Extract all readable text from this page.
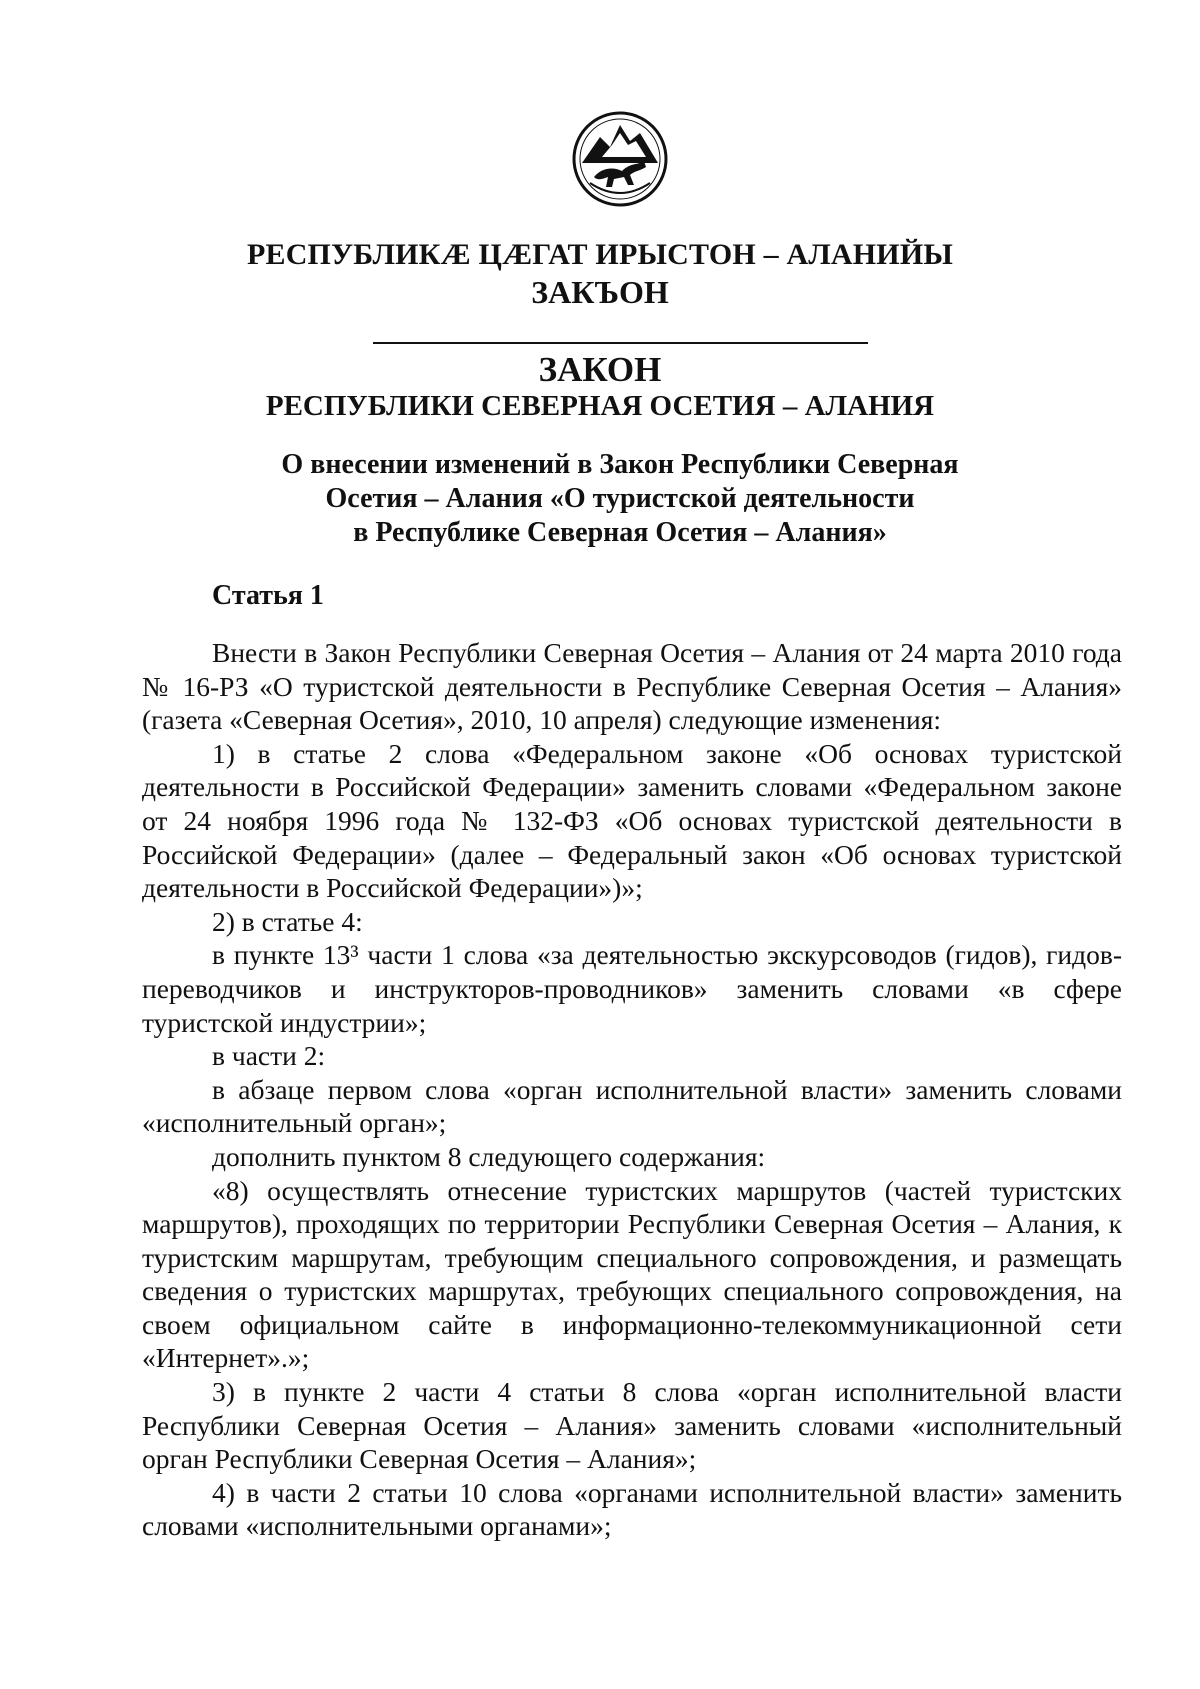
РЕСПУБЛИКÆ ЦÆГАТ ИРЫСТОН – АЛАНИЙЫ
ЗАКЪОН
ЗАКОН
РЕСПУБЛИКИ СЕВЕРНАЯ ОСЕТИЯ – АЛАНИЯ
О внесении изменений в Закон Республики Северная
Осетия – Алания «О туристской деятельности
в Республике Северная Осетия – Алания»
Статья 1

Внести в Закон Республики Северная Осетия – Алания от 24 марта 2010 года № 16-РЗ «О туристской деятельности в Республике Северная Осетия – Алания» (газета «Северная Осетия», 2010, 10 апреля) следующие изменения:

1) в статье 2 слова «Федеральном законе «Об основах туристской деятельности в Российской Федерации» заменить словами «Федеральном законе от 24 ноября 1996 года № 132-ФЗ «Об основах туристской деятельности в Российской Федерации» (далее – Федеральный закон «Об основах туристской деятельности в Российской Федерации»)»;

2) в статье 4:

в пункте 13³ части 1 слова «за деятельностью экскурсоводов (гидов), гидов-переводчиков и инструкторов-проводников» заменить словами «в сфере туристской индустрии»;

в части 2:

в абзаце первом слова «орган исполнительной власти» заменить словами «исполнительный орган»;

дополнить пунктом 8 следующего содержания:

«8) осуществлять отнесение туристских маршрутов (частей туристских маршрутов), проходящих по территории Республики Северная Осетия – Алания, к туристским маршрутам, требующим специального сопровождения, и размещать сведения о туристских маршрутах, требующих специального сопровождения, на своем официальном сайте в информационно-телекоммуникационной сети «Интернет».»;

3) в пункте 2 части 4 статьи 8 слова «орган исполнительной власти Республики Северная Осетия – Алания» заменить словами «исполнительный орган Республики Северная Осетия – Алания»;

4) в части 2 статьи 10 слова «органами исполнительной власти» заменить словами «исполнительными органами»;
